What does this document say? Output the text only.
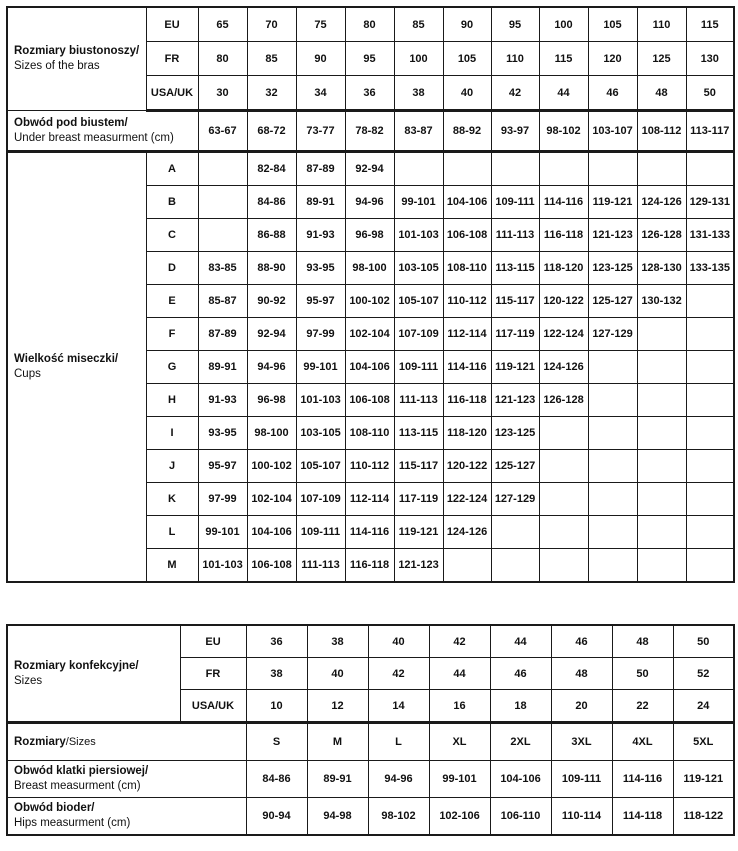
Rozmiary biustonoszy/
Sizes of the bras	EU	65	70	75	80	85	90	95	100	105	110	115
	FR	80	85	90	95	100	105	110	115	120	125	130
	USA/UK	30	32	34	36	38	40	42	44	46	48	50

Obwód pod biustem/
Under breast measurment (cm)		63-67	68-72	73-77	78-82	83-87	88-92	93-97	98-102	103-107	108-112	113-117

Wielkość miseczki/
Cups	A		82-84	87-89	92-94							
	B		84-86	89-91	94-96	99-101	104-106	109-111	114-116	119-121	124-126	129-131
	C		86-88	91-93	96-98	101-103	106-108	111-113	116-118	121-123	126-128	131-133
	D	83-85	88-90	93-95	98-100	103-105	108-110	113-115	118-120	123-125	128-130	133-135
	E	85-87	90-92	95-97	100-102	105-107	110-112	115-117	120-122	125-127	130-132	
	F	87-89	92-94	97-99	102-104	107-109	112-114	117-119	122-124	127-129		
	G	89-91	94-96	99-101	104-106	109-111	114-116	119-121	124-126			
	H	91-93	96-98	101-103	106-108	111-113	116-118	121-123	126-128			
	I	93-95	98-100	103-105	108-110	113-115	118-120	123-125				
	J	95-97	100-102	105-107	110-112	115-117	120-122	125-127				
	K	97-99	102-104	107-109	112-114	117-119	122-124	127-129				
	L	99-101	104-106	109-111	114-116	119-121	124-126					
	M	101-103	106-108	111-113	116-118	121-123						
Rozmiary konfekcyjne/
Sizes	EU	36	38	40	42	44	46	48	50
	FR	38	40	42	44	46	48	50	52
	USA/UK	10	12	14	16	18	20	22	24
Rozmiary/Sizes		S	M	L	XL	2XL	3XL	4XL	5XL

Obwód klatki piersiowej/
Breast measurment (cm)		84-86	89-91	94-96	99-101	104-106	109-111	114-116	119-121

Obwód bioder/
Hips measurment (cm)		90-94	94-98	98-102	102-106	106-110	110-114	114-118	118-122
